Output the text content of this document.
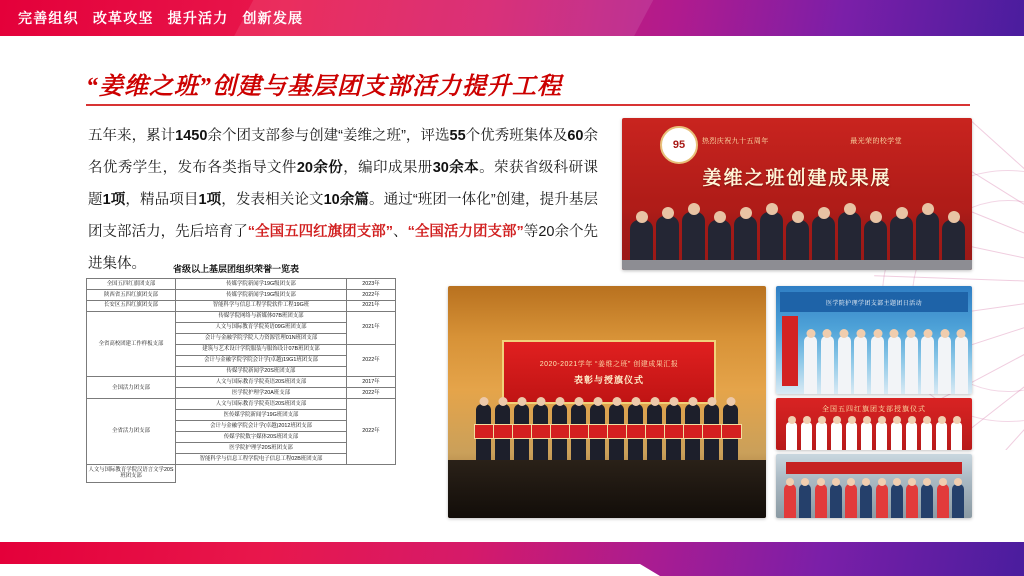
完善组织 改革攻坚 提升活力 创新发展
“姜维之班”创建与基层团支部活力提升工程
五年来，累计1450余个团支部参与创建“姜维之班”，评选55个优秀班集体及60余名优秀学生，发布各类指导文件20余份，编印成果册30余本。荣获省级科研课题1项，精品项目1项，发表相关论文10余篇。通过“班团一体化”创建，提升基层团支部活力，先后培育了“全国五四红旗团支部”、“全国活力团支部”等20余个先进集体。	省级以上基层团组织荣誉一览表
全国五四红旗团支部	传媒学院新闻学19G级团支部	2023年
陕西省五四红旗团支部	传媒学院新闻学19G级团支部	2022年
长安区五四红旗团支部	智能科学与信息工程学院软件工程19G班	2021年
全省高校团建工作样板支部	传媒学院网络与新媒体07B班团支部	2021年
	人文与国际教育学院英语09G班团支部	
	会计与金融学院学院人力资源管理01N班团支部	
	建筑与艺术设计学院服装与服饰设计07B班团支部	2022年
	会计与金融学院学院会计学(卓越)19G1班团支部	
	传媒学院新闻学20S班团支部	
全国活力团支部	人文与国际教育学院英语20S班团支部	2017年
	医学院护理学20A班支部	2022年
全省活力团支部	人文与国际教育学院英语20S班团支部	2022年
	医传媒学院新闻学19G班团支部	
	会计与金融学院会计学(卓越)2012班团支部	
	传媒学院数字媒体20S班团支部	
	医学院护理学20S班团支部	
	智能科学与信息工程学院电子信息工程02B班团支部	
人文与国际教育学院汉语言文学20S班团支部		
95	热烈庆祝九十五周年	最光荣的校学堂
姜维之班创建成果展
2020-2021学年 “姜维之班” 创建成果汇报
表彰与授旗仪式
医学院护理学团支部主题团日活动
全国五四红旗团支部授旗仪式
